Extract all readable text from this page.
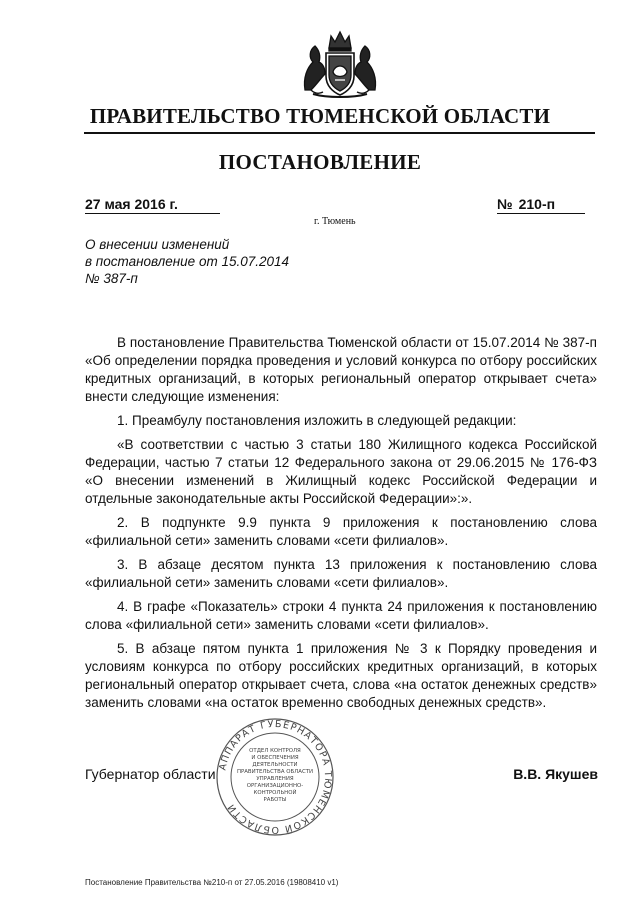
ПРАВИТЕЛЬСТВО ТЮМЕНСКОЙ ОБЛАСТИ
ПОСТАНОВЛЕНИЕ
27 мая 2016 г.	№ 210-п
г. Тюмень
О внесении изменений
в постановление от 15.07.2014
№ 387-п

В постановление Правительства Тюменской области от 15.07.2014 № 387-п «Об определении порядка проведения и условий конкурса по отбору российских кредитных организаций, в которых региональный оператор открывает счета» внести следующие изменения:

1. Преамбулу постановления изложить в следующей редакции:

«В соответствии с частью 3 статьи 180 Жилищного кодекса Российской Федерации, частью 7 статьи 12 Федерального закона от 29.06.2015 № 176-ФЗ «О внесении изменений в Жилищный кодекс Российской Федерации и отдельные законодательные акты Российской Федерации»:».

2. В подпункте 9.9 пункта 9 приложения к постановлению слова «филиальной сети» заменить словами «сети филиалов».

3. В абзаце десятом пункта 13 приложения к постановлению слова «филиальной сети» заменить словами «сети филиалов».

4. В графе «Показатель» строки 4 пункта 24 приложения к постановлению слова «филиальной сети» заменить словами «сети филиалов».

5. В абзаце пятом пункта 1 приложения № 3 к Порядку проведения и условиям конкурса по отбору российских кредитных организаций, в которых региональный оператор открывает счета, слова «на остаток денежных средств» заменить словами «на остаток временно свободных денежных средств».

Губернатор области АППАРАТ ГУБЕРНАТОРА ТЮМЕНСКОЙ ОБЛАСТИ
ОТДЕЛ КОНТРОЛЯ
И ОБЕСПЕЧЕНИЯ
ДЕЯТЕЛЬНОСТИ
ПРАВИТЕЛЬСТВА ОБЛАСТИ
УПРАВЛЕНИЯ
ОРГАНИЗАЦИОННО-
КОНТРОЛЬНОЙ
РАБОТЫ
В.В. Якушев
Постановление Правительства №210-п от 27.05.2016 (19808410 v1)
